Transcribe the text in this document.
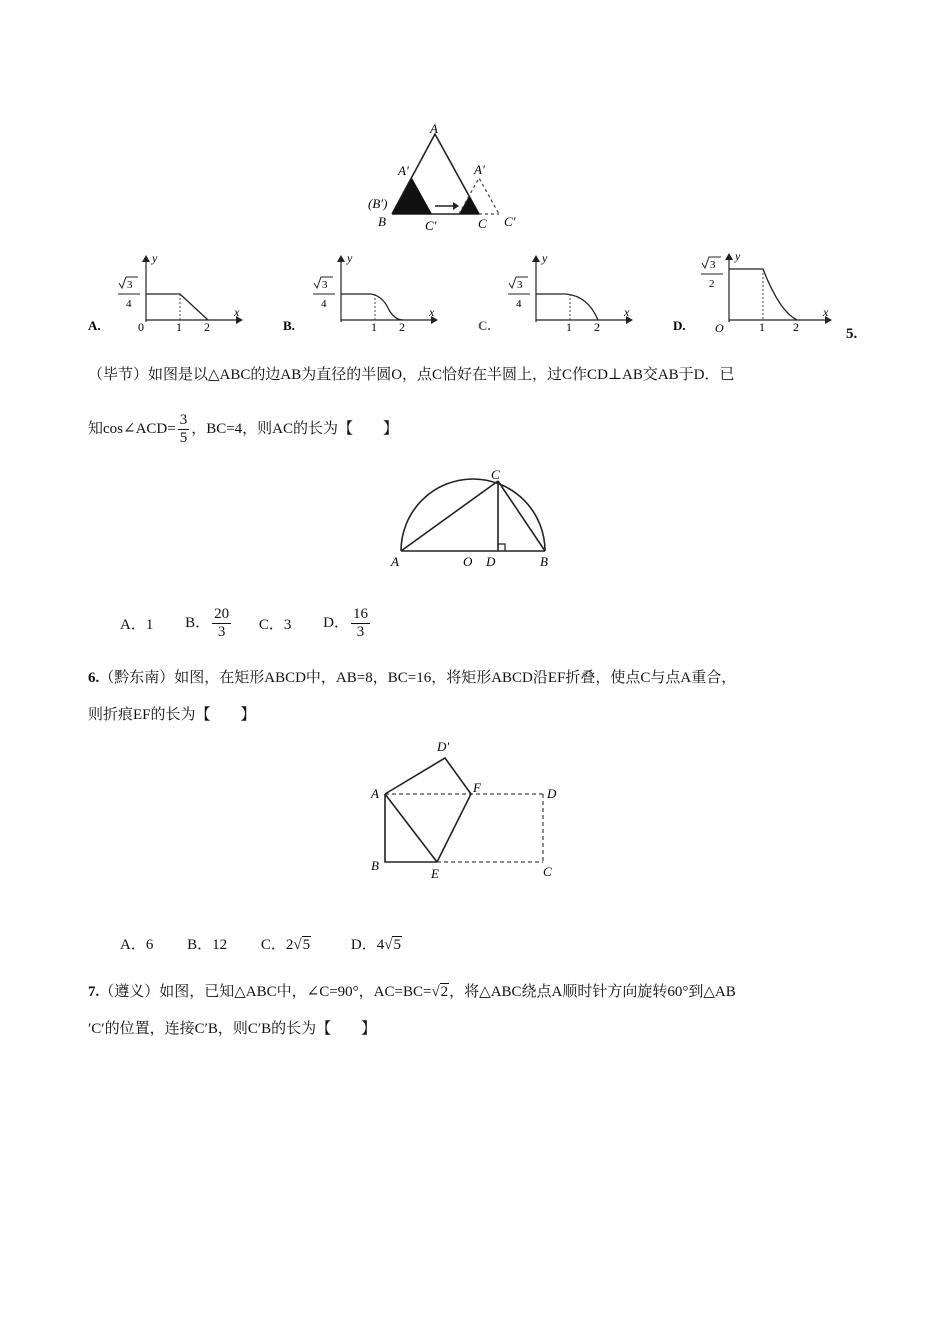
A
A′
(B′)
B	C′	C
A′
C′
A.
y
x
0	1 2
3
4
B.
y
x
1 2
3
4
C.
y
x
1 2
3
4
D.
y
x
O	1 2
3
2
5.
（毕节）如图是以△ABC的边AB为直径的半圆O，点C恰好在半圆上，过C作CD⊥AB交AB于D．已
知cos∠ACD= $\frac{3}{5}$ ，BC=4，则AC的长为【　　】
A	O D	B
C
A．1 B． $\frac{20}{3}$ C．3 D． $\frac{16}{3}$
6.（黔东南）如图，在矩形ABCD中，AB=8，BC=16，将矩形ABCD沿EF折叠，使点C与点A重合，
则折痕EF的长为【　　】
D′
A	F	D
B
E	C
A．6 B．12 C．2√5	D．4√5
7.（遵义）如图，已知△ABC中，∠C=90°，AC=BC=√2，将△ABC绕点A顺时针方向旋转60°到△AB
′C′的位置，连接C′B，则C′B的长为【　　】
